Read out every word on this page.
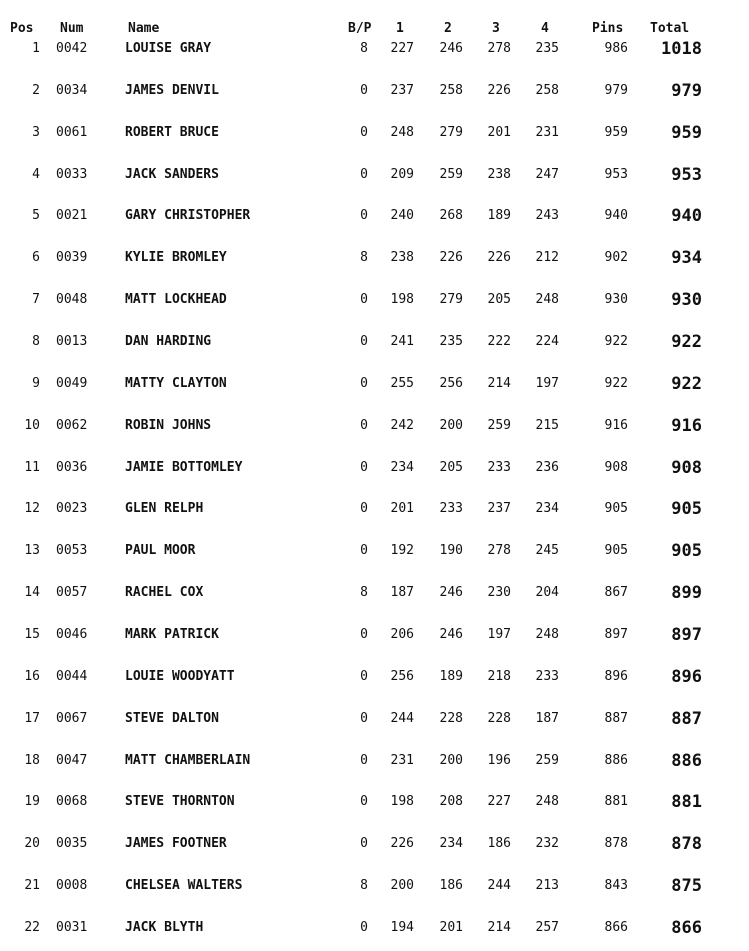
Pos	Num	Name	B/P	1	2	3	4	Pins	Total
1 0042	LOUISE GRAY	8	227	246	278	235	986	1018
2 0034	JAMES DENVIL	0	237	258	226	258	979	979
3 0061	ROBERT BRUCE	0	248	279	201	231	959	959
4 0033	JACK SANDERS	0	209	259	238	247	953	953
5 0021	GARY CHRISTOPHER	0	240	268	189	243	940	940
6 0039	KYLIE BROMLEY	8	238	226	226	212	902	934
7 0048	MATT LOCKHEAD	0	198	279	205	248	930	930
8 0013	DAN HARDING	0	241	235	222	224	922	922
9 0049	MATTY CLAYTON	0	255	256	214	197	922	922
10 0062	ROBIN JOHNS	0	242	200	259	215	916	916
11 0036	JAMIE BOTTOMLEY	0	234	205	233	236	908	908
12 0023	GLEN RELPH	0	201	233	237	234	905	905
13 0053	PAUL MOOR	0	192	190	278	245	905	905
14 0057	RACHEL COX	8	187	246	230	204	867	899
15 0046	MARK PATRICK	0	206	246	197	248	897	897
16 0044	LOUIE WOODYATT	0	256	189	218	233	896	896
17 0067	STEVE DALTON	0	244	228	228	187	887	887
18 0047	MATT CHAMBERLAIN	0	231	200	196	259	886	886
19 0068	STEVE THORNTON	0	198	208	227	248	881	881
20 0035	JAMES FOOTNER	0	226	234	186	232	878	878
21 0008	CHELSEA WALTERS	8	200	186	244	213	843	875
22 0031	JACK BLYTH	0	194	201	214	257	866	866
